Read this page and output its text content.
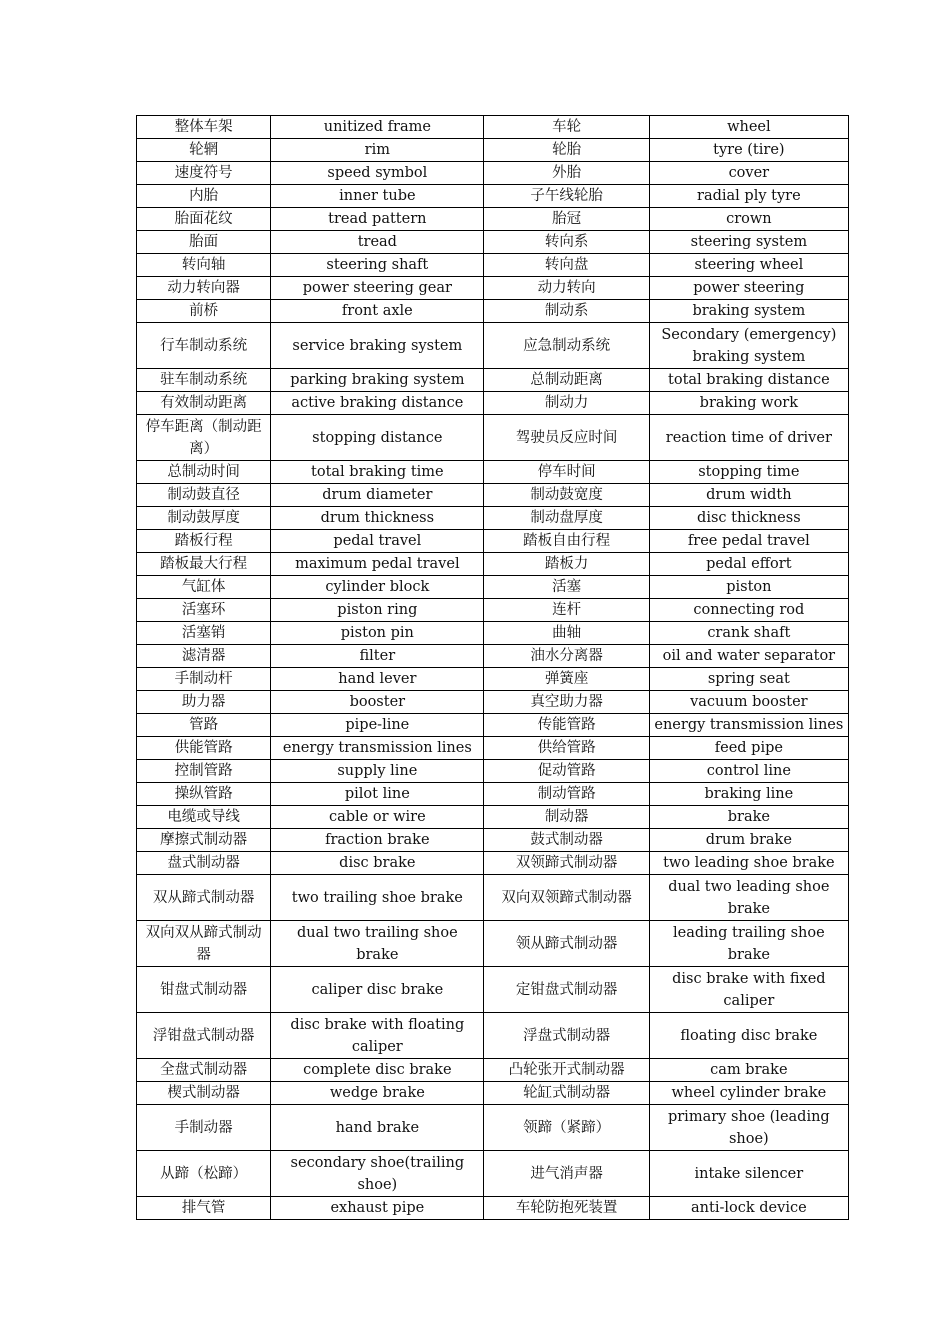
整体车架	unitized frame	车轮	wheel
轮辋	rim	轮胎	tyre (tire)
速度符号	speed symbol	外胎	cover
内胎	inner tube	子午线轮胎	radial ply tyre
胎面花纹	tread pattern	胎冠	crown
胎面	tread	转向系	steering system
转向轴	steering shaft	转向盘	steering wheel
动力转向器	power steering gear	动力转向	power steering
前桥	front axle	制动系	braking system
行车制动系统	service braking system	应急制动系统	Secondary (emergency) braking system
驻车制动系统	parking braking system	总制动距离	total braking distance
有效制动距离	active braking distance	制动力	braking work
停车距离（制动距离）	stopping distance	驾驶员反应时间	reaction time of driver
总制动时间	total braking time	停车时间	stopping time
制动鼓直径	drum diameter	制动鼓宽度	drum width
制动鼓厚度	drum thickness	制动盘厚度	disc thickness
踏板行程	pedal travel	踏板自由行程	free pedal travel
踏板最大行程	maximum pedal travel	踏板力	pedal effort
气缸体	cylinder block	活塞	piston
活塞环	piston ring	连杆	connecting rod
活塞销	piston pin	曲轴	crank shaft
滤清器	filter	油水分离器	oil and water separator
手制动杆	hand lever	弹簧座	spring seat
助力器	booster	真空助力器	vacuum booster
管路	pipe-line	传能管路	energy transmission lines
供能管路	energy transmission lines	供给管路	feed pipe
控制管路	supply line	促动管路	control line
操纵管路	pilot line	制动管路	braking line
电缆或导线	cable or wire	制动器	brake
摩擦式制动器	fraction brake	鼓式制动器	drum brake
盘式制动器	disc brake	双领蹄式制动器	two leading shoe brake
双从蹄式制动器	two trailing shoe brake	双向双领蹄式制动器	dual two leading shoe brake
双向双从蹄式制动器	dual two trailing shoe brake	领从蹄式制动器	leading trailing shoe brake
钳盘式制动器	caliper disc brake	定钳盘式制动器	disc brake with fixed caliper
浮钳盘式制动器	disc brake with floating caliper	浮盘式制动器	floating disc brake
全盘式制动器	complete disc brake	凸轮张开式制动器	cam brake
楔式制动器	wedge brake	轮缸式制动器	wheel cylinder brake
手制动器	hand brake	领蹄（紧蹄）	primary shoe (leading shoe)
从蹄（松蹄）	secondary shoe(trailing shoe)	进气消声器	intake silencer
排气管	exhaust pipe	车轮防抱死装置	anti-lock device
